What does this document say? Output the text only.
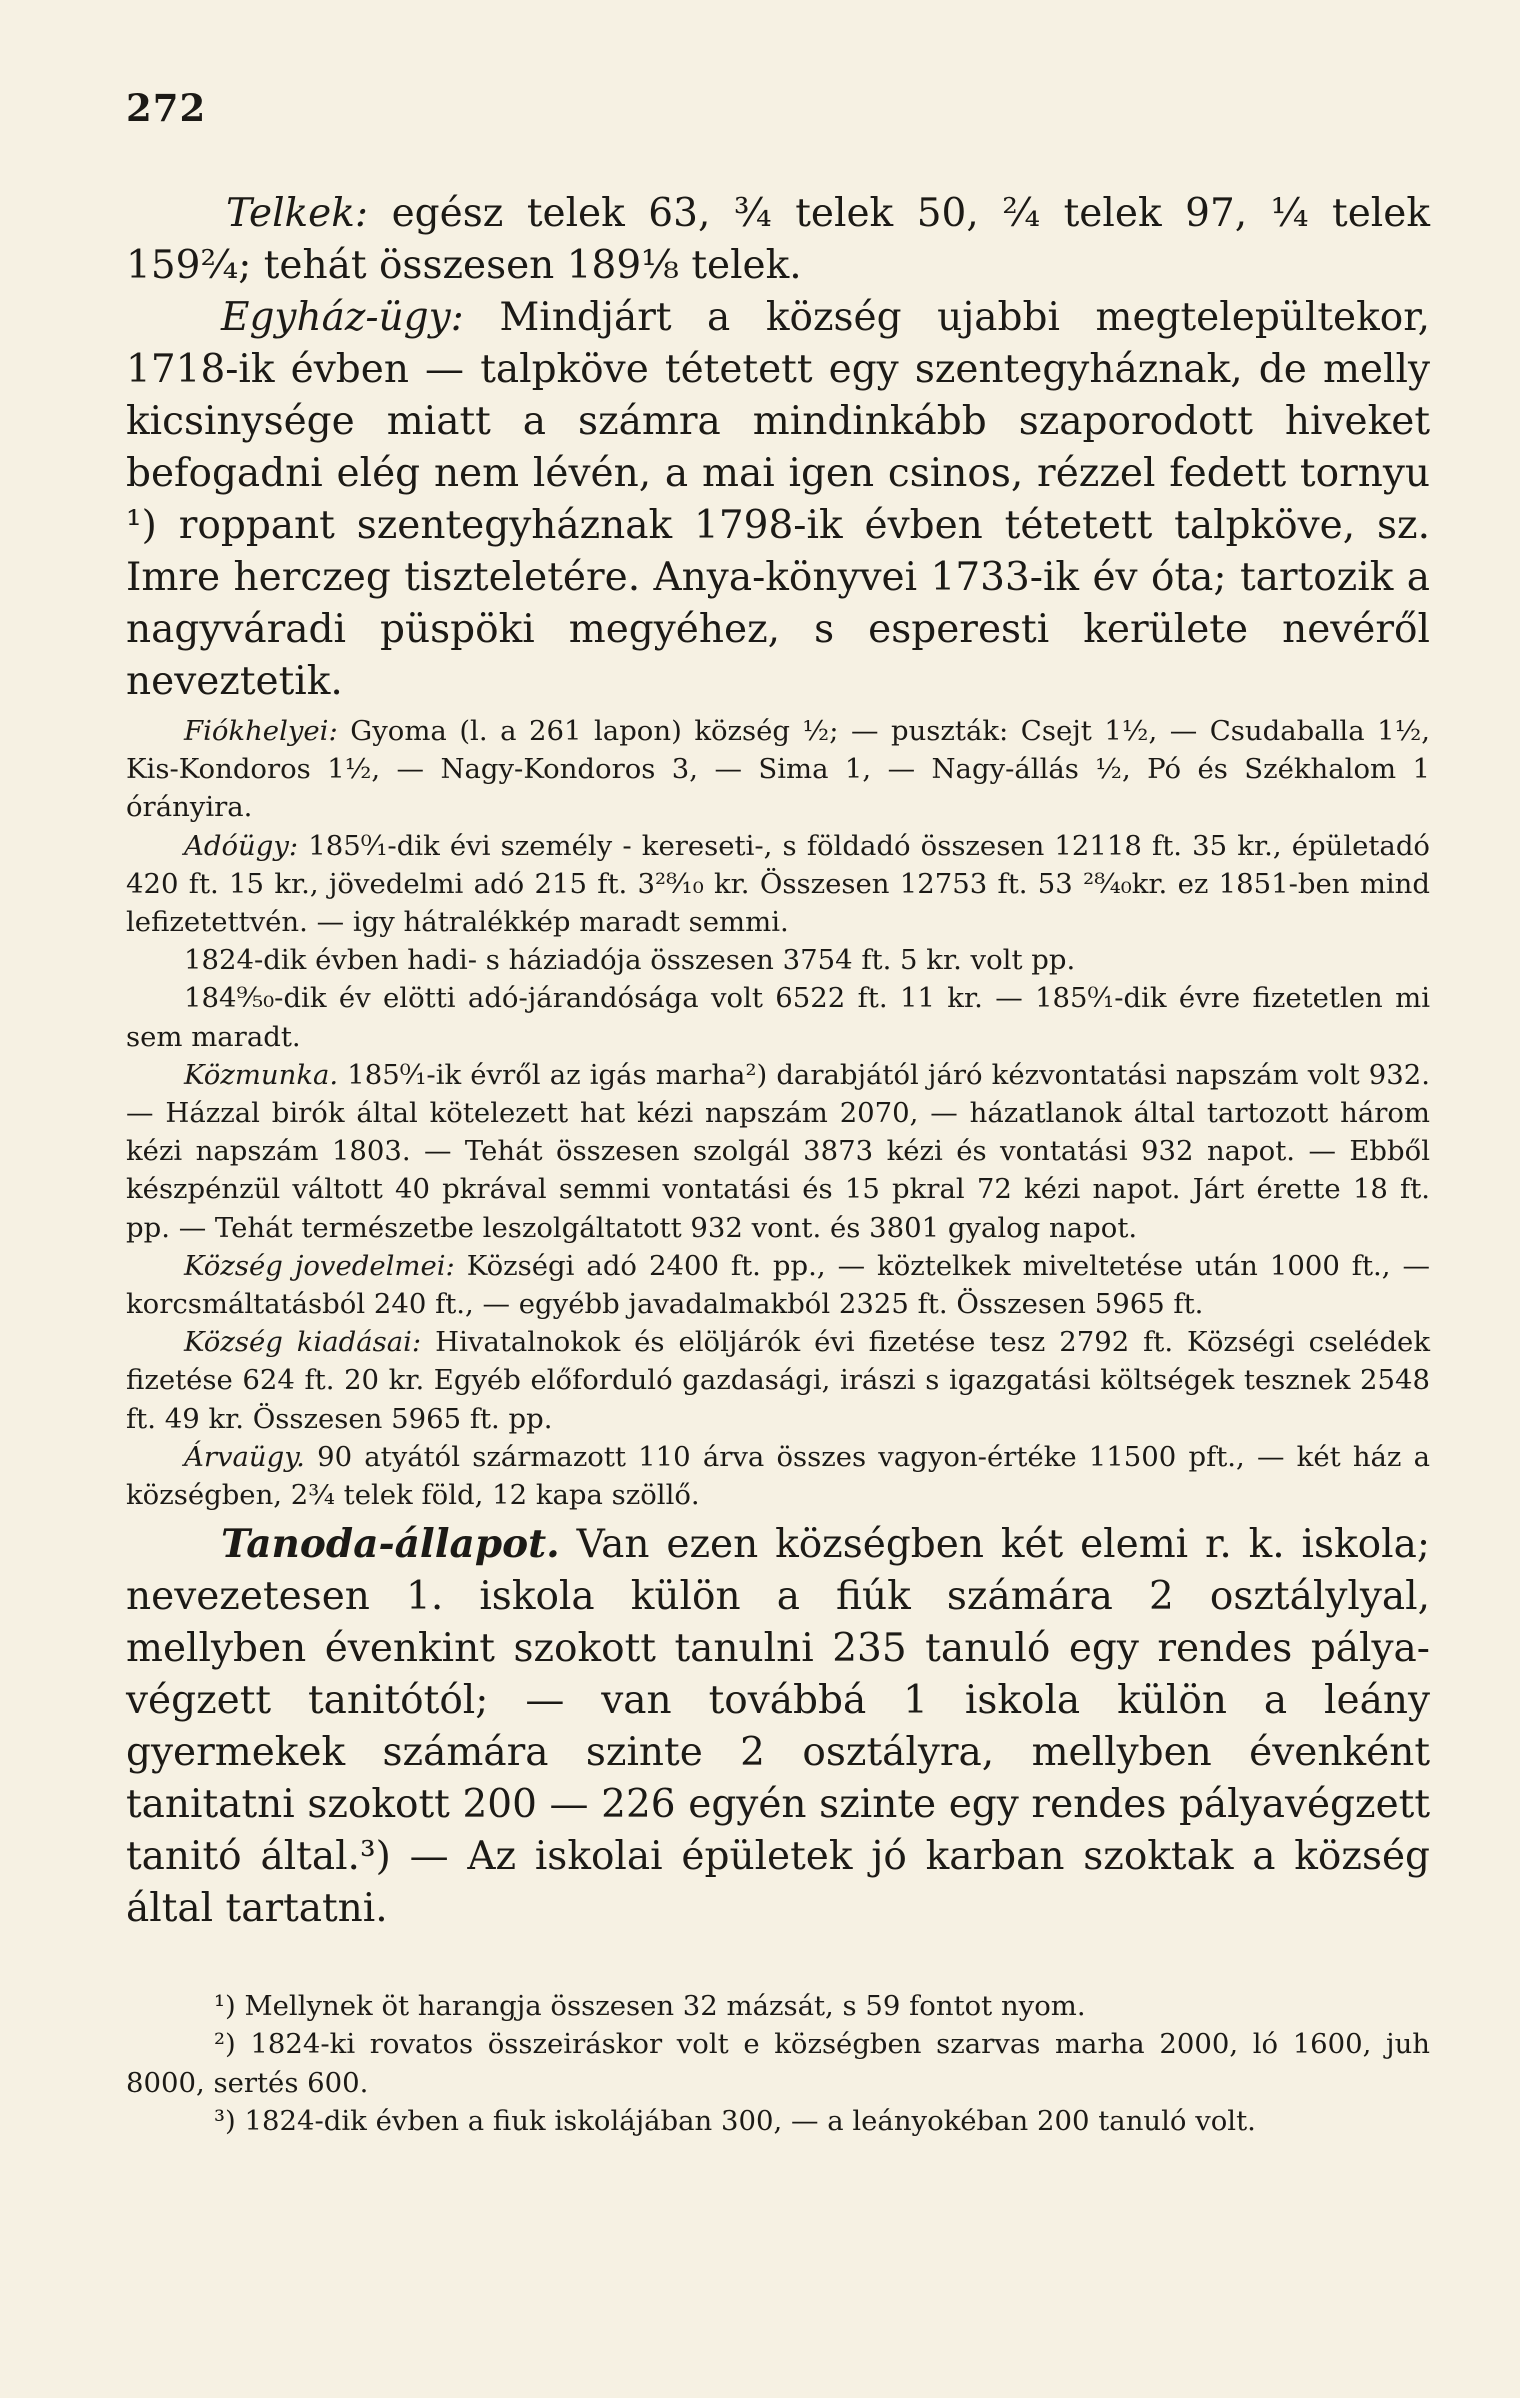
272

Telkek: egész telek 63, ¾ telek 50, ²⁄₄ telek 97, ¼ telek 159²⁄₄; tehát összesen 189⅛ telek.

Egyház-ügy: Mindjárt a község ujabbi megtelepültekor, 1718-ik évben — talpköve tétetett egy szentegyháznak, de melly kicsinysége miatt a számra mindinkább szaporodott hiveket befogadni elég nem lévén, a mai igen csinos, rézzel fedett tornyu ¹) roppant szentegyháznak 1798-ik évben tétetett talpköve, sz. Imre herczeg tiszteletére. Anya-könyvei 1733-ik év óta; tartozik a nagyváradi püspöki megyéhez, s esperesti kerülete nevéről neveztetik.

Fiókhelyei: Gyoma (l. a 261 lapon) község ½; — puszták: Csejt 1½, — Csudaballa 1½, Kis-Kondoros 1½, — Nagy-Kondoros 3, — Sima 1, — Nagy-állás ½, Pó és Székhalom 1 órányira.

Adóügy: 185⁰⁄₁-dik évi személy - kereseti-, s földadó összesen 12118 ft. 35 kr., épületadó 420 ft. 15 kr., jövedelmi adó 215 ft. 3²⁸⁄₁₀ kr. Összesen 12753 ft. 53 ²⁸⁄₄₀kr. ez 1851-ben mind lefizetettvén. — igy hátralékkép maradt semmi.

1824-dik évben hadi- s háziadója összesen 3754 ft. 5 kr. volt pp.

184⁹⁄₅₀-dik év elötti adó-járandósága volt 6522 ft. 11 kr. — 185⁰⁄₁-dik évre fizetetlen mi sem maradt.

Közmunka. 185⁰⁄₁-ik évről az igás marha²) darabjától járó kézvontatási napszám volt 932. — Házzal birók által kötelezett hat kézi napszám 2070, — házatlanok által tartozott három kézi napszám 1803. — Tehát összesen szolgál 3873 kézi és vontatási 932 napot. — Ebből készpénzül váltott 40 pkrával semmi vontatási és 15 pkral 72 kézi napot. Járt érette 18 ft. pp. — Tehát természetbe leszolgáltatott 932 vont. és 3801 gyalog napot.

Község jovedelmei: Községi adó 2400 ft. pp., — köztelkek miveltetése után 1000 ft., — korcsmáltatásból 240 ft., — egyébb javadalmakból 2325 ft. Összesen 5965 ft.

Község kiadásai: Hivatalnokok és elöljárók évi fizetése tesz 2792 ft. Községi cselédek fizetése 624 ft. 20 kr. Egyéb előforduló gazdasági, irászi s igazgatási költségek tesznek 2548 ft. 49 kr. Összesen 5965 ft. pp.

Árvaügy. 90 atyától származott 110 árva összes vagyon-értéke 11500 pft., — két ház a községben, 2¾ telek föld, 12 kapa szöllő.

Tanoda-állapot. Van ezen községben két elemi r. k. iskola; nevezetesen 1. iskola külön a fiúk számára 2 osztálylyal, mellyben évenkint szokott tanulni 235 tanuló egy rendes pálya-végzett tanitótól; — van továbbá 1 iskola külön a leány gyermekek számára szinte 2 osztályra, mellyben évenként tanitatni szokott 200 — 226 egyén szinte egy rendes pályavégzett tanitó által.³) — Az iskolai épületek jó karban szoktak a község által tartatni.

¹) Mellynek öt harangja összesen 32 mázsát, s 59 fontot nyom.

²) 1824-ki rovatos összeiráskor volt e községben szarvas marha 2000, ló 1600, juh 8000, sertés 600.

³) 1824-dik évben a fiuk iskolájában 300, — a leányokéban 200 tanuló volt.
